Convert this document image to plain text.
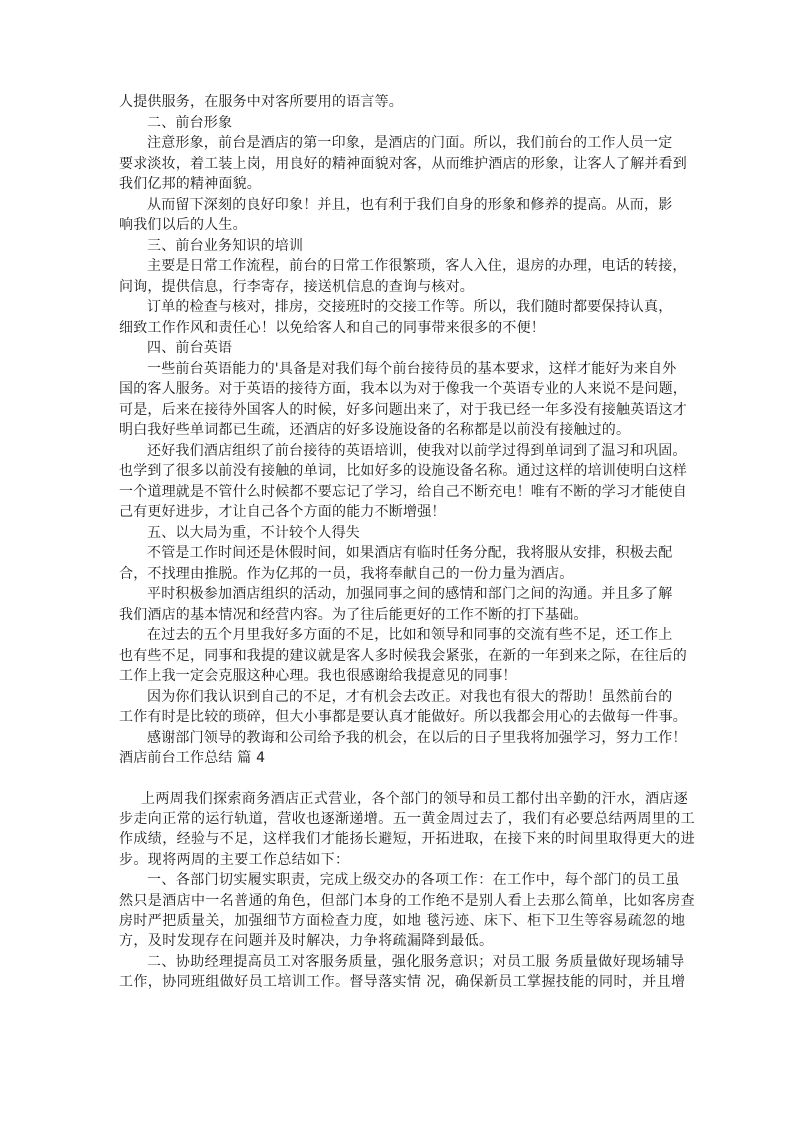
人提供服务，在服务中对客所要用的语言等。
二、前台形象
注意形象，前台是酒店的第一印象，是酒店的门面。所以，我们前台的工作人员一定
要求淡妆，着工装上岗，用良好的精神面貌对客，从而维护酒店的形象，让客人了解并看到
我们亿邦的精神面貌。
从而留下深刻的良好印象！并且，也有利于我们自身的形象和修养的提高。从而，影
响我们以后的人生。
三、前台业务知识的培训
主要是日常工作流程，前台的日常工作很繁琐，客人入住，退房的办理，电话的转接，
问询，提供信息，行李寄存，接送机信息的查询与核对。
订单的检查与核对，排房，交接班时的交接工作等。所以，我们随时都要保持认真，
细致工作作风和责任心！以免给客人和自己的同事带来很多的不便！
四、前台英语
一些前台英语能力的'具备是对我们每个前台接待员的基本要求，这样才能好为来自外
国的客人服务。对于英语的接待方面，我本以为对于像我一个英语专业的人来说不是问题，
可是，后来在接待外国客人的时候，好多问题出来了，对于我已经一年多没有接触英语这才
明白我好些单词都已生疏，还酒店的好多设施设备的名称都是以前没有接触过的。
还好我们酒店组织了前台接待的英语培训，使我对以前学过得到单词到了温习和巩固。
也学到了很多以前没有接触的单词，比如好多的设施设备名称。通过这样的培训使明白这样
一个道理就是不管什么时候都不要忘记了学习，给自己不断充电！唯有不断的学习才能使自
己有更好进步，才让自己各个方面的能力不断增强！
五、以大局为重，不计较个人得失
不管是工作时间还是休假时间，如果酒店有临时任务分配，我将服从安排，积极去配
合，不找理由推脱。作为亿邦的一员，我将奉献自己的一份力量为酒店。
平时积极参加酒店组织的活动，加强同事之间的感情和部门之间的沟通。并且多了解
我们酒店的基本情况和经营内容。为了往后能更好的工作不断的打下基础。
在过去的五个月里我好多方面的不足，比如和领导和同事的交流有些不足，还工作上
也有些不足，同事和我提的建议就是客人多时候我会紧张，在新的一年到来之际，在往后的
工作上我一定会克服这种心理。我也很感谢给我提意见的同事！
因为你们我认识到自己的不足，才有机会去改正。对我也有很大的帮助！虽然前台的
工作有时是比较的琐碎，但大小事都是要认真才能做好。所以我都会用心的去做每一件事。
感谢部门领导的教诲和公司给予我的机会，在以后的日子里我将加强学习，努力工作！
酒店前台工作总结 篇 4
上两周我们探索商务酒店正式营业，各个部门的领导和员工都付出辛勤的汗水，酒店逐
步走向正常的运行轨道，营收也逐渐递增。五一黄金周过去了，我们有必要总结两周里的工
作成绩，经验与不足，这样我们才能扬长避短，开拓进取，在接下来的时间里取得更大的进
步。现将两周的主要工作总结如下：
一、各部门切实履实职责，完成上级交办的各项工作：在工作中，每个部门的员工虽
然只是酒店中一名普通的角色，但部门本身的工作绝不是别人看上去那么简单，比如客房查
房时严把质量关，加强细节方面检查力度，如地 毯污迹、床下、柜下卫生等容易疏忽的地
方，及时发现存在问题并及时解决，力争将疏漏降到最低。
二、协助经理提高员工对客服务质量，强化服务意识；对员工服 务质量做好现场辅导
工作，协同班组做好员工培训工作。督导落实情 况，确保新员工掌握技能的同时，并且增
